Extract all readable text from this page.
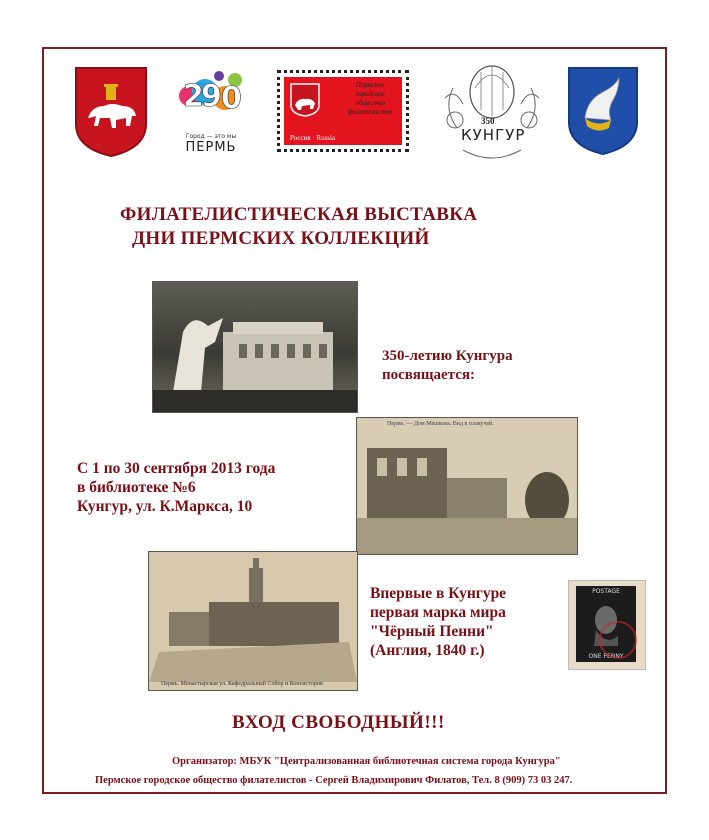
2
9 0
Город — это мы
ПЕРМЬ
Пермское
городское
общество
филателистов
Россия · Russia
350
КУНГУР
ФИЛАТЕЛИСТИЧЕСКАЯ ВЫСТАВКА
ДНИ ПЕРМСКИХ КОЛЛЕКЦИЙ
350-летию Кунгура
посвящается:
Пермь. — Дом Мешкова. Вид в плавучей.
С 1 по 30 сентября 2013 года
в библиотеке №6
Кунгур, ул. К.Маркса, 10
Пермь. Монастырская ул. Кафедральный Собор и Консистория.
Впервые в Кунгуре
первая марка мира
"Чёрный Пенни"
(Англия, 1840 г.)
POSTAGE
ONE PENNY
ВХОД СВОБОДНЫЙ!!!
Организатор: МБУК "Централизованная библиотечная система города Кунгура"
Пермское городское общество филателистов - Сергей Владимирович Филатов, Тел. 8 (909) 73 03 247.
